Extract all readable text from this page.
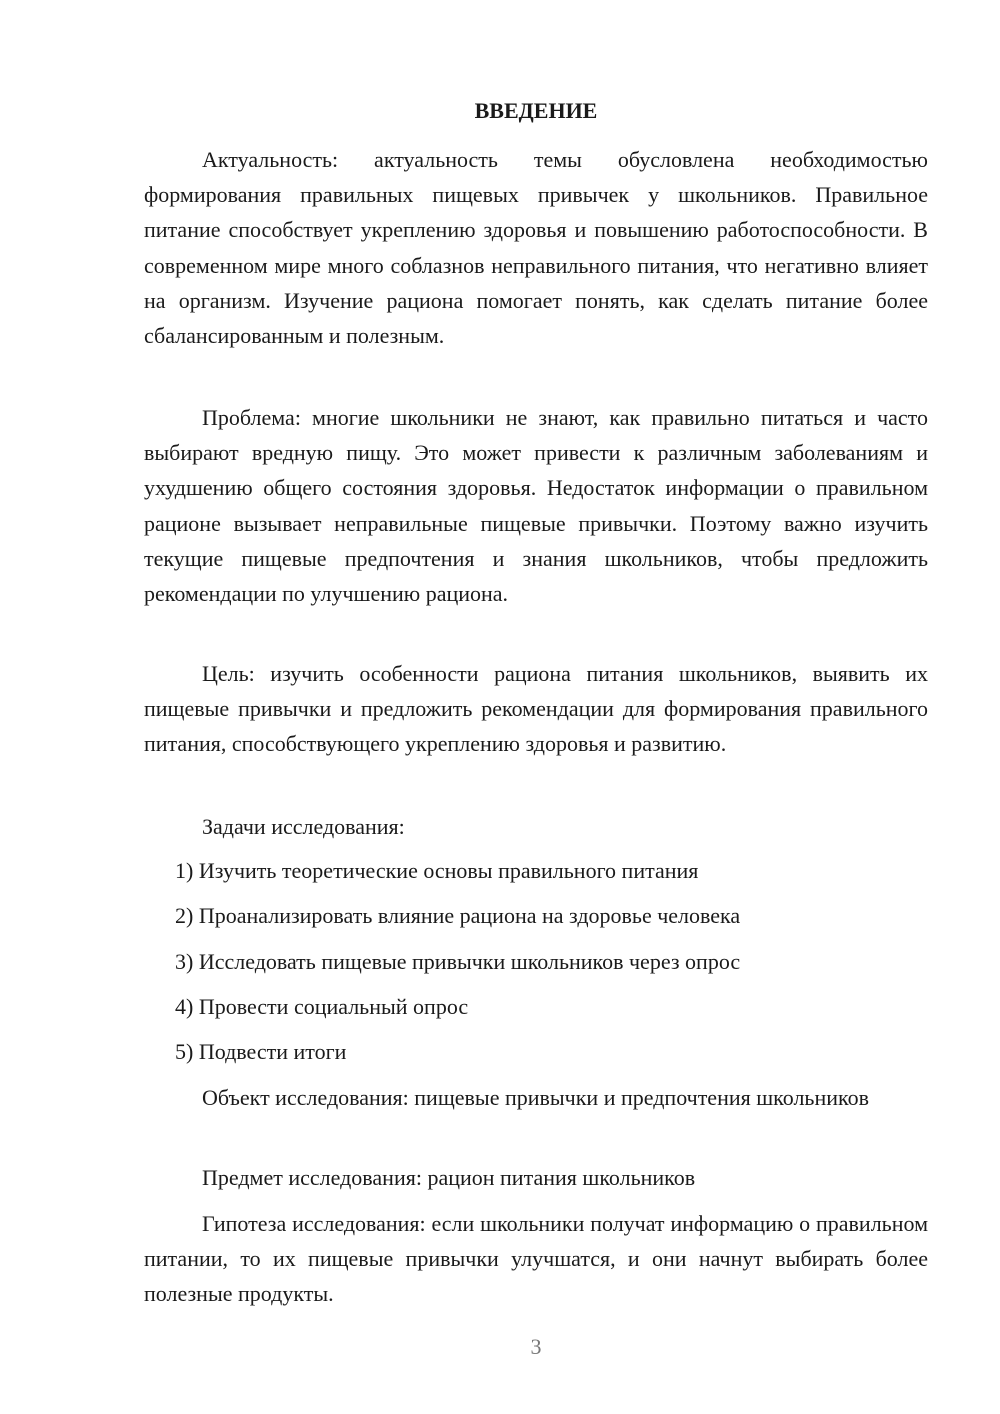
ВВЕДЕНИЕ

Актуальность: актуальность темы обусловлена необходимостью формирования правильных пищевых привычек у школьников. Правильное питание способствует укреплению здоровья и повышению работоспособности. В современном мире много соблазнов неправильного питания, что негативно влияет на организм. Изучение рациона помогает понять, как сделать питание более сбалансированным и полезным.

Проблема: многие школьники не знают, как правильно питаться и часто выбирают вредную пищу. Это может привести к различным заболеваниям и ухудшению общего состояния здоровья. Недостаток информации о правильном рационе вызывает неправильные пищевые привычки. Поэтому важно изучить текущие пищевые предпочтения и знания школьников, чтобы предложить рекомендации по улучшению рациона.

Цель: изучить особенности рациона питания школьников, выявить их пищевые привычки и предложить рекомендации для формирования правильного питания, способствующего укреплению здоровья и развитию.

Задачи исследования:

1) Изучить теоретические основы правильного питания

2) Проанализировать влияние рациона на здоровье человека

3) Исследовать пищевые привычки школьников через опрос

4) Провести социальный опрос

5) Подвести итоги

Объект исследования: пищевые привычки и предпочтения школьников

Предмет исследования: рацион питания школьников

Гипотеза исследования: если школьники получат информацию о правильном питании, то их пищевые привычки улучшатся, и они начнут выбирать более полезные продукты.

3
